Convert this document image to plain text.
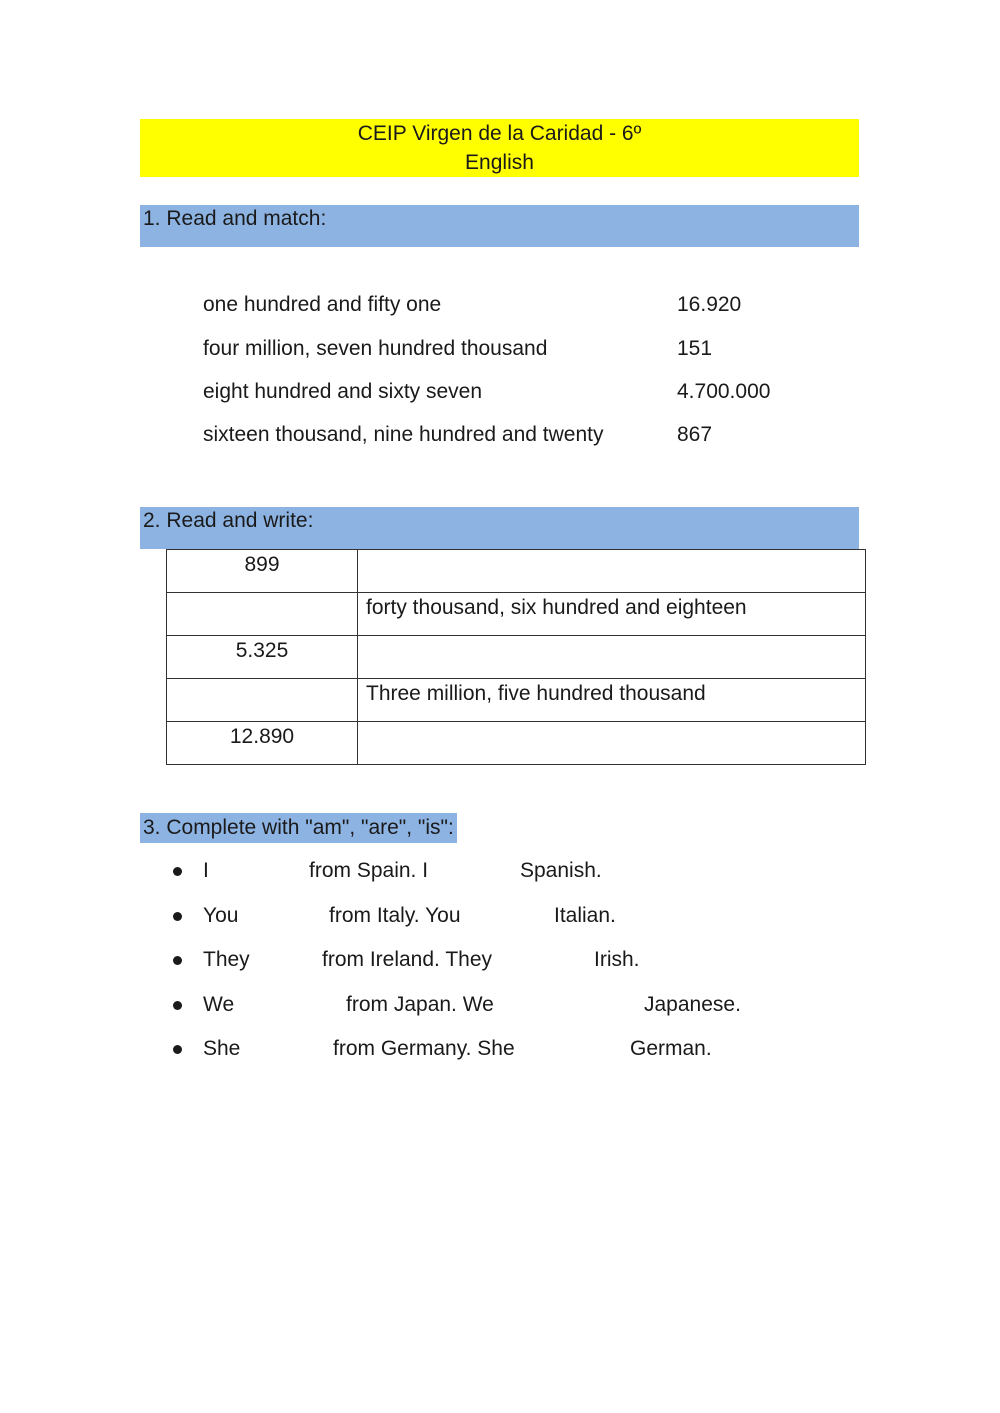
CEIP Virgen de la Caridad - 6º
English
1. Read and match:
one hundred and fifty one	16.920
four million, seven hundred thousand	151
eight hundred and sixty seven	4.700.000
sixteen thousand, nine hundred and twenty	867
2. Read and write:
899	
	forty thousand, six hundred and eighteen
5.325	
	Three million, five hundred thousand
12.890	
3. Complete with "am", "are", "is":
I	from Spain. I	Spanish.
You	from Italy. You	Italian.
They	from Ireland. They	Irish.
We	from Japan. We	Japanese.
She	from Germany. She	German.
